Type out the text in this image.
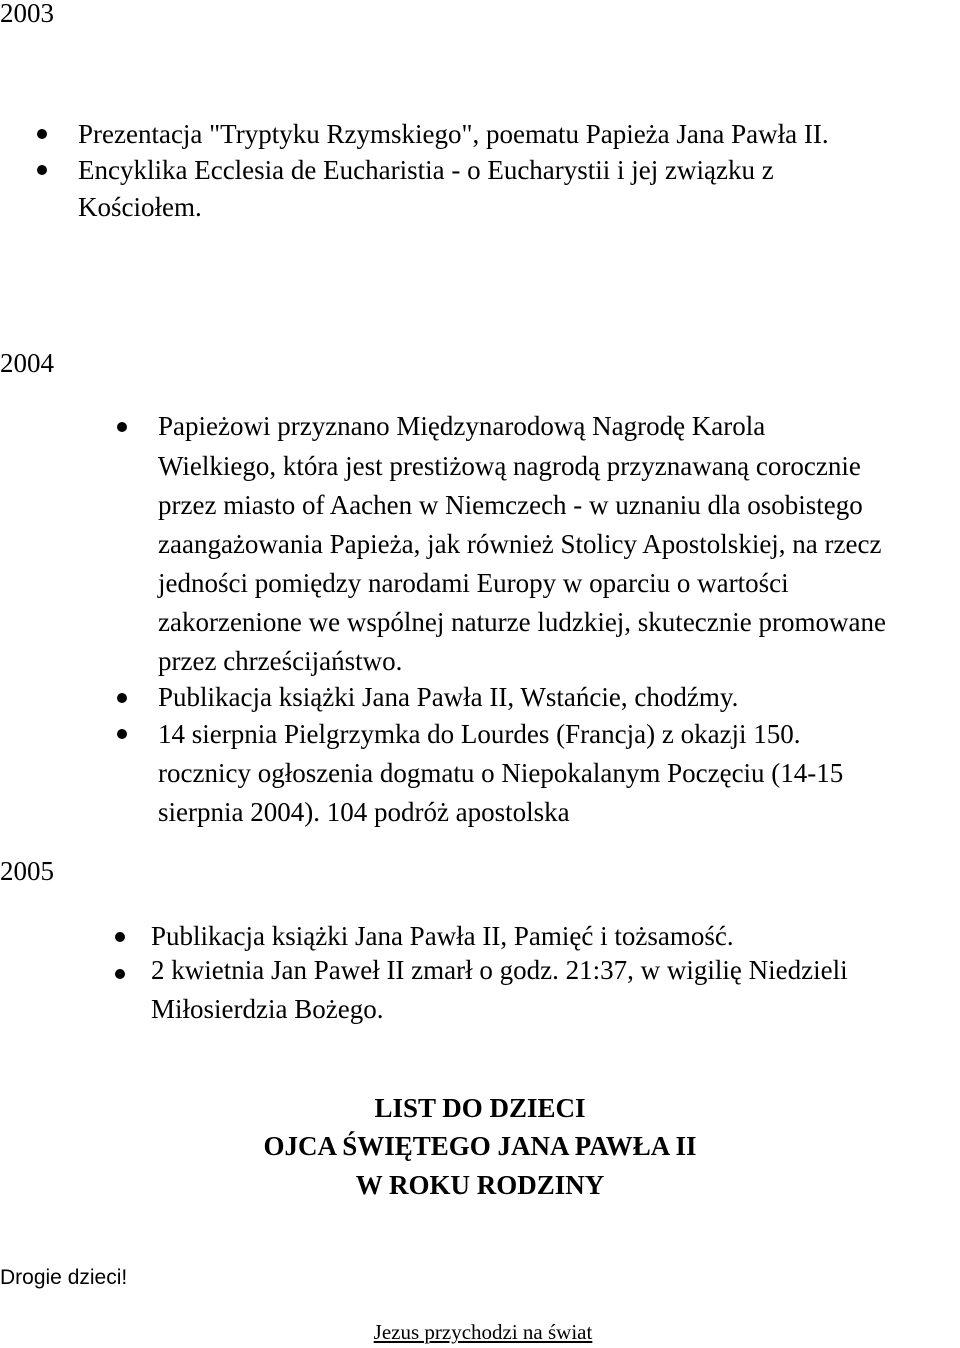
2003
Prezentacja "Tryptyku Rzymskiego", poematu Papieża Jana Pawła II.
Encyklika Ecclesia de Eucharistia - o Eucharystii i jej związku z
Kościołem.
2004
Papieżowi przyznano Międzynarodową Nagrodę Karola
Wielkiego, która jest prestiżową nagrodą przyznawaną corocznie
przez miasto of Aachen w Niemczech - w uznaniu dla osobistego
zaangażowania Papieża, jak również Stolicy Apostolskiej, na rzecz
jedności pomiędzy narodami Europy w oparciu o wartości
zakorzenione we wspólnej naturze ludzkiej, skutecznie promowane
przez chrześcijaństwo.
Publikacja książki Jana Pawła II, Wstańcie, chodźmy.
14 sierpnia Pielgrzymka do Lourdes (Francja) z okazji 150.
rocznicy ogłoszenia dogmatu o Niepokalanym Poczęciu (14-15
sierpnia 2004). 104 podróż apostolska
2005
Publikacja książki Jana Pawła II, Pamięć i tożsamość.
2 kwietnia Jan Paweł II zmarł o godz. 21:37, w wigilię Niedzieli
Miłosierdzia Bożego.
LIST DO DZIECI
OJCA ŚWIĘTEGO JANA PAWŁA II
W ROKU RODZINY
Drogie dzieci!
Jezus przychodzi na świat
